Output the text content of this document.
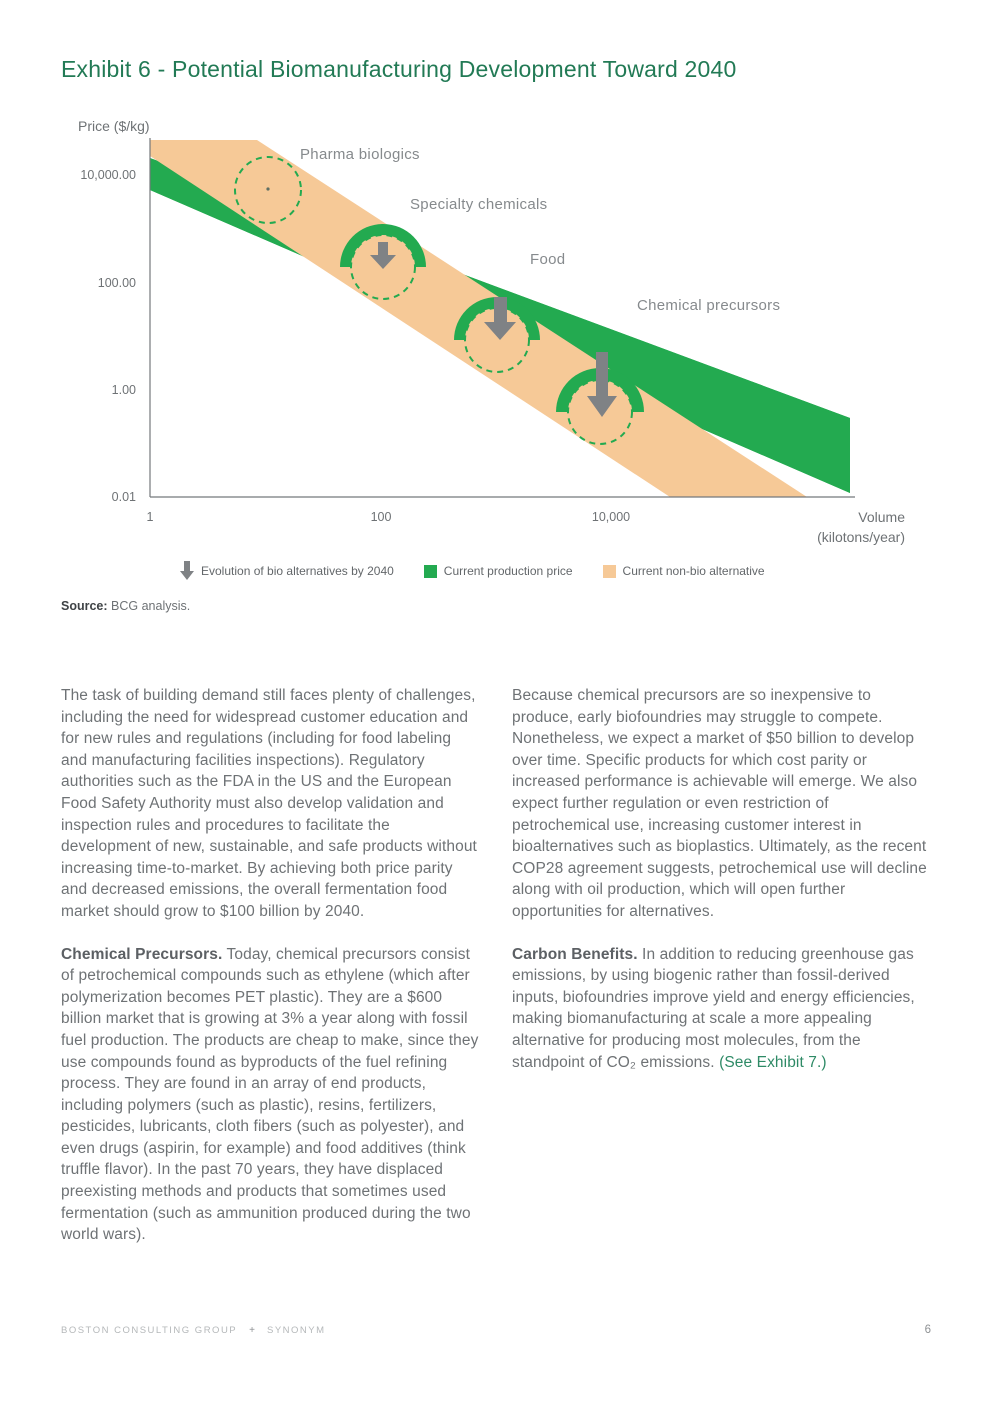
Exhibit 6 - Potential Biomanufacturing Development Toward 2040
Price ($/kg)
10,000.00
100.00
1.00
0.01
1	100	10,000	Volume
(kilotons/year)
Pharma biologics
Specialty chemicals
Food
Chemical precursors
Evolution of bio alternatives by 2040	Current production price	Current non-bio alternative
Source: BCG analysis.

The task of building demand still faces plenty of challenges, including the need for widespread customer education and for new rules and regulations (including for food labeling and manufacturing facilities inspections). Regulatory authorities such as the FDA in the US and the European Food Safety Authority must also develop validation and inspection rules and procedures to facilitate the development of new, sustainable, and safe products without increasing time-to-market. By achieving both price parity and decreased emissions, the overall fermentation food market should grow to $100 billion by 2040.

Chemical Precursors. Today, chemical precursors consist of petrochemical compounds such as ethylene (which after polymerization becomes PET plastic). They are a $600 billion market that is growing at 3% a year along with fossil fuel production. The products are cheap to make, since they use compounds found as byproducts of the fuel refining process. They are found in an array of end products, including polymers (such as plastic), resins, fertilizers, pesticides, lubricants, cloth fibers (such as polyester), and even drugs (aspirin, for example) and food additives (think truffle flavor). In the past 70 years, they have displaced preexisting methods and products that sometimes used fermentation (such as ammunition produced during the two world wars).

Because chemical precursors are so inexpensive to produce, early biofoundries may struggle to compete. Nonetheless, we expect a market of $50 billion to develop over time. Specific products for which cost parity or increased performance is achievable will emerge. We also expect further regulation or even restriction of petrochemical use, increasing customer interest in bioalternatives such as bioplastics. Ultimately, as the recent COP28 agreement suggests, petrochemical use will decline along with oil production, which will open further opportunities for alternatives.

Carbon Benefits. In addition to reducing greenhouse gas emissions, by using biogenic rather than fossil-derived inputs, biofoundries improve yield and energy efficiencies, making biomanufacturing at scale a more appealing alternative for producing most molecules, from the standpoint of CO₂ emissions. (See Exhibit 7.)

BOSTON CONSULTING GROUP + SYNONYM	6
